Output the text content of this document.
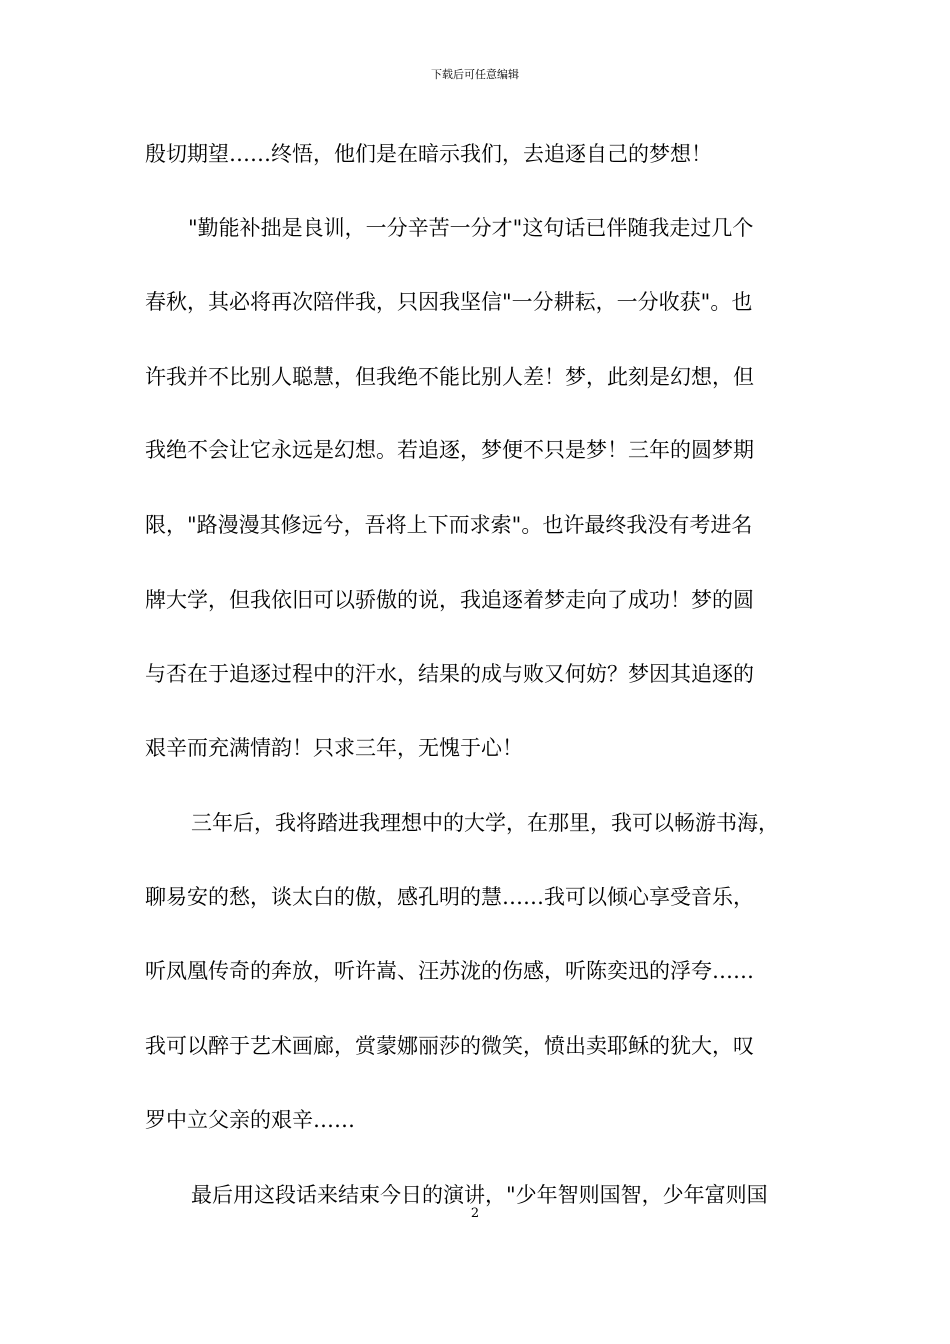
下载后可任意编辑
殷切期望……终悟，他们是在暗示我们，去追逐自己的梦想！
"勤能补拙是良训，一分辛苦一分才"这句话已伴随我走过几个
春秋，其必将再次陪伴我，只因我坚信"一分耕耘，一分收获"。也
许我并不比别人聪慧，但我绝不能比别人差！梦，此刻是幻想，但
我绝不会让它永远是幻想。若追逐，梦便不只是梦！三年的圆梦期
限，"路漫漫其修远兮，吾将上下而求索"。也许最终我没有考进名
牌大学，但我依旧可以骄傲的说，我追逐着梦走向了成功！梦的圆
与否在于追逐过程中的汗水，结果的成与败又何妨？梦因其追逐的
艰辛而充满情韵！只求三年，无愧于心！
三年后，我将踏进我理想中的大学，在那里，我可以畅游书海，
聊易安的愁，谈太白的傲，感孔明的慧……我可以倾心享受音乐，
听凤凰传奇的奔放，听许嵩、汪苏泷的伤感，听陈奕迅的浮夸……
我可以醉于艺术画廊，赏蒙娜丽莎的微笑，愤出卖耶稣的犹大，叹
罗中立父亲的艰辛……
最后用这段话来结束今日的演讲，"少年智则国智，少年富则国
2
